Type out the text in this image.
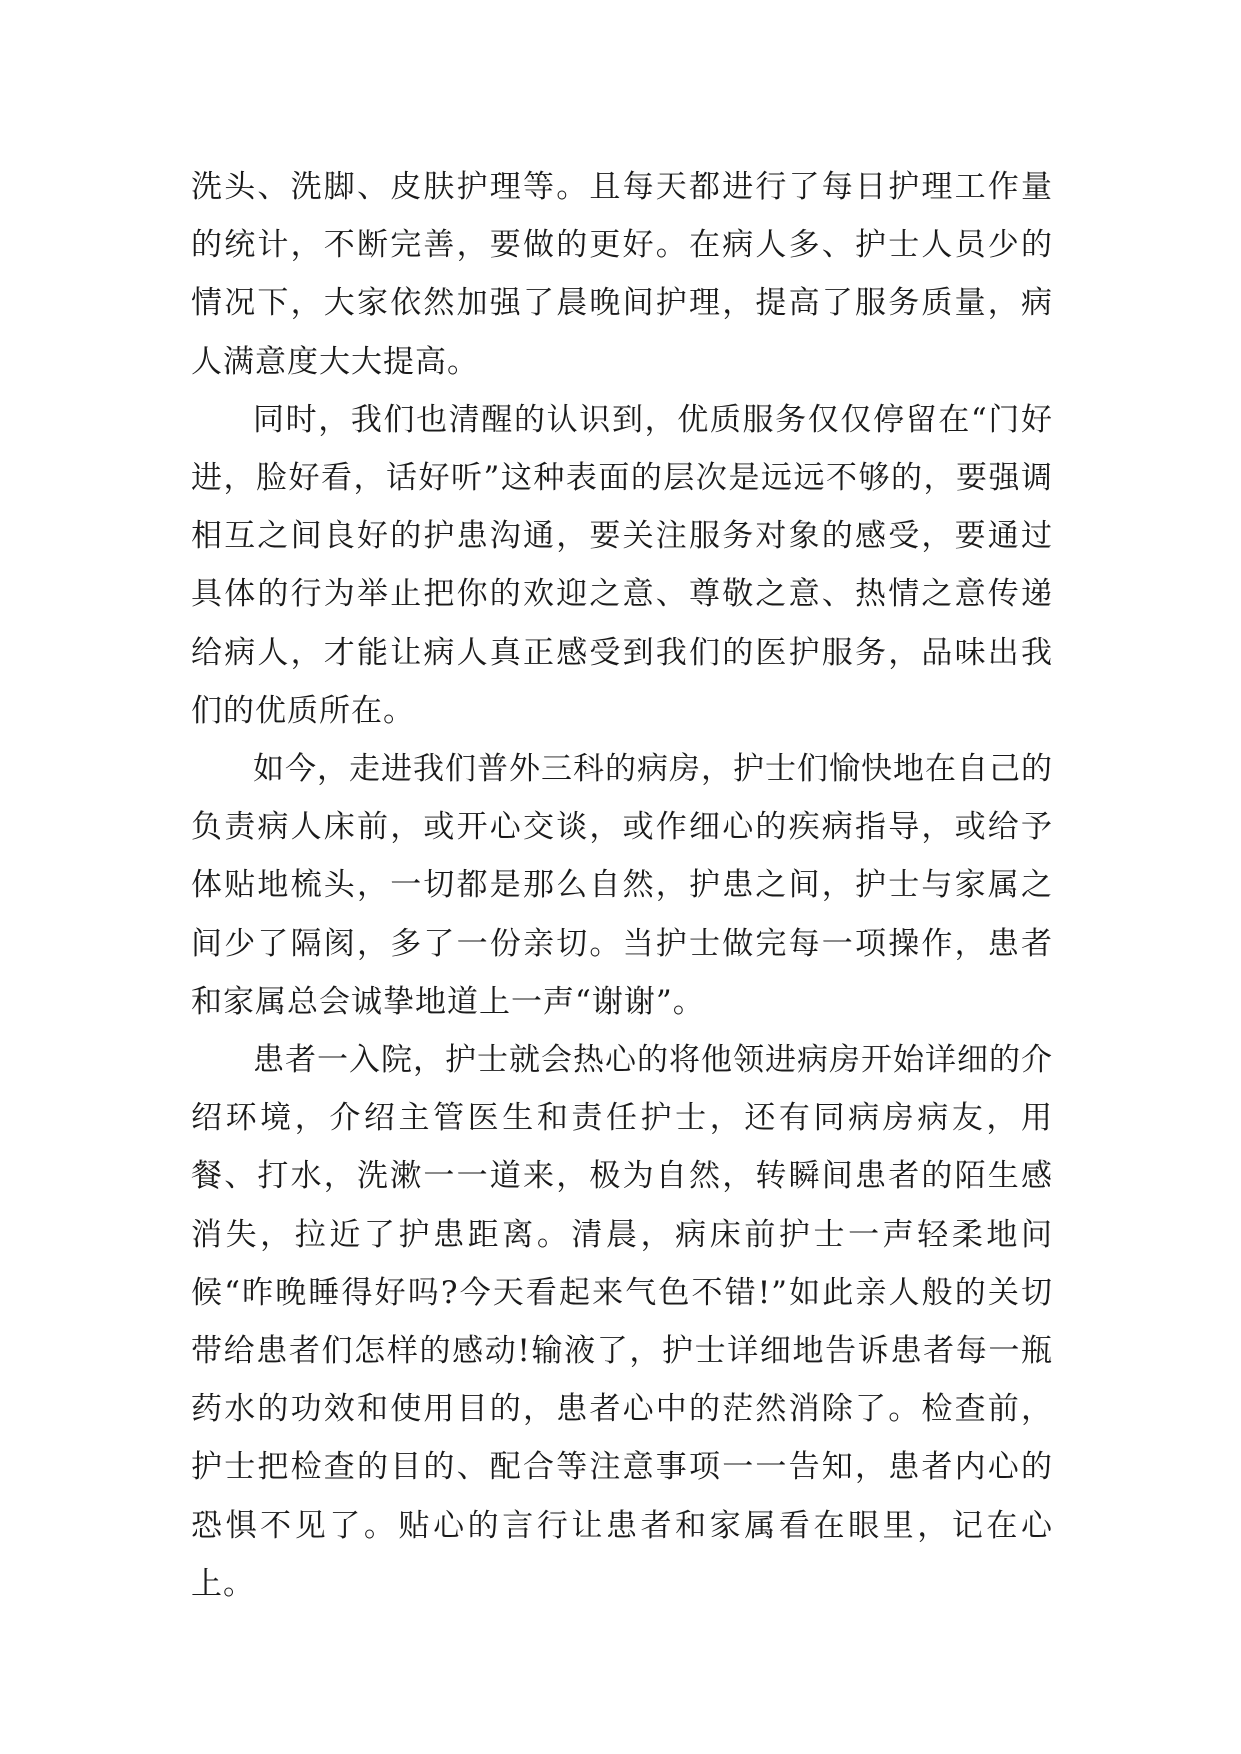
洗头、洗脚、皮肤护理等。且每天都进行了每日护理工作量的统计，不断完善，要做的更好。在病人多、护士人员少的情况下，大家依然加强了晨晚间护理，提高了服务质量，病人满意度大大提高。

同时，我们也清醒的认识到，优质服务仅仅停留在“门好进，脸好看，话好听”这种表面的层次是远远不够的，要强调相互之间良好的护患沟通，要关注服务对象的感受，要通过具体的行为举止把你的欢迎之意、尊敬之意、热情之意传递给病人，才能让病人真正感受到我们的医护服务，品味出我们的优质所在。

如今，走进我们普外三科的病房，护士们愉快地在自己的负责病人床前，或开心交谈，或作细心的疾病指导，或给予体贴地梳头，一切都是那么自然，护患之间，护士与家属之间少了隔阂，多了一份亲切。当护士做完每一项操作，患者和家属总会诚挚地道上一声“谢谢”。

患者一入院，护士就会热心的将他领进病房开始详细的介绍环境，介绍主管医生和责任护士，还有同病房病友，用餐、打水，洗漱一一道来，极为自然，转瞬间患者的陌生感消失，拉近了护患距离。清晨，病床前护士一声轻柔地问候“昨晚睡得好吗?今天看起来气色不错!”如此亲人般的关切带给患者们怎样的感动!输液了，护士详细地告诉患者每一瓶药水的功效和使用目的，患者心中的茫然消除了。检查前，护士把检查的目的、配合等注意事项一一告知，患者内心的恐惧不见了。贴心的言行让患者和家属看在眼里，记在心上。
